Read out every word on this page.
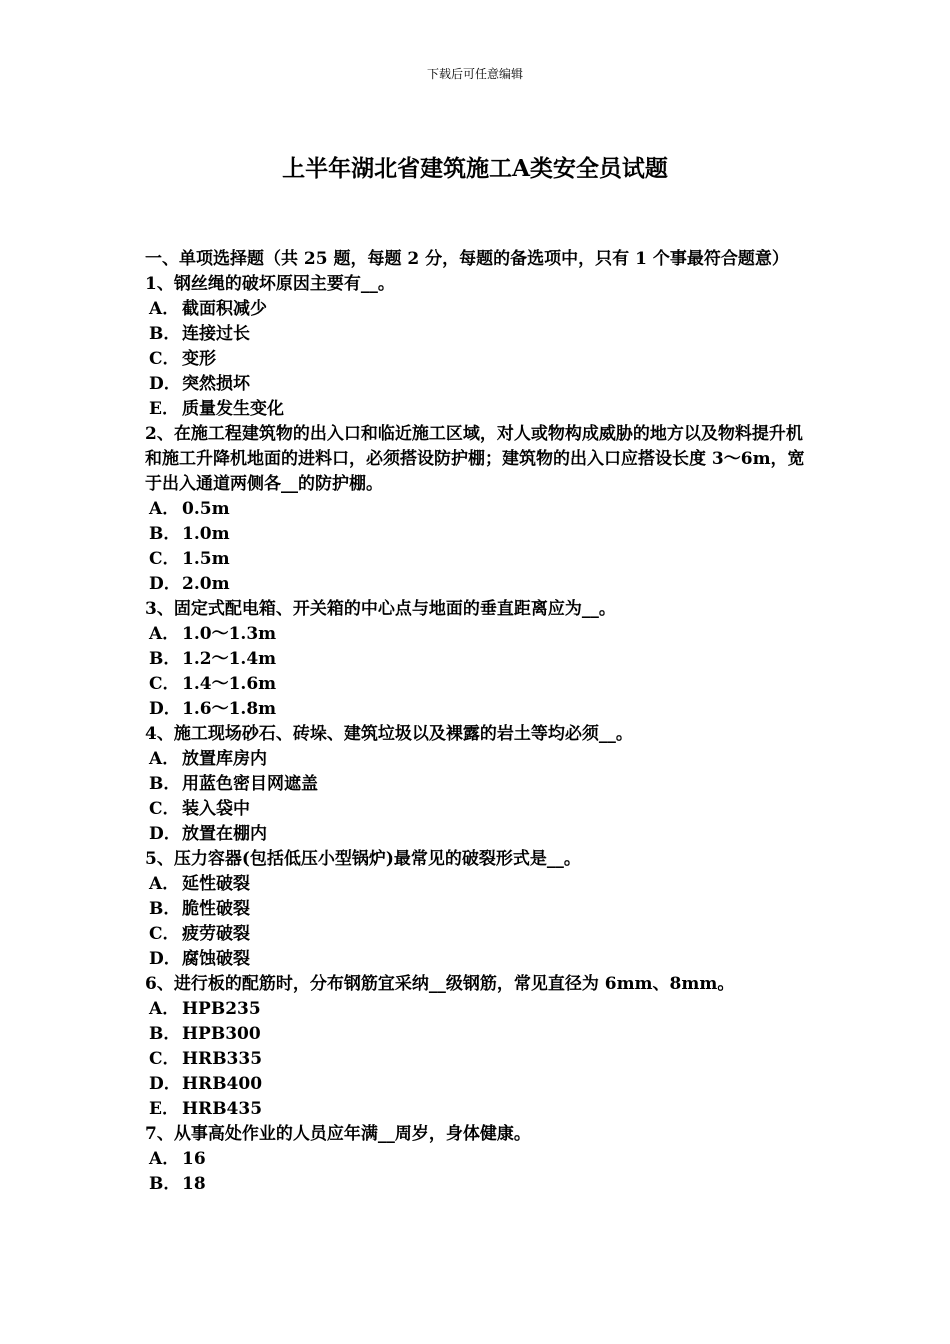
下载后可任意编辑
上半年湖北省建筑施工A类安全员试题
一、单项选择题（共 25 题，每题 2 分，每题的备选项中，只有 1 个事最符合题意）
1、钢丝绳的破坏原因主要有__。
A． 截面积减少
B．连接过长
C． 变形
D．突然损坏
E． 质量发生变化
2、在施工程建筑物的出入口和临近施工区域，对人或物构成威胁的地方以及物料提升机和施工升降机地面的进料口，必须搭设防护棚；建筑物的出入口应搭设长度 3～6m，宽于出入通道两侧各__的防护棚。
A． 0.5m
B．1.0m
C． 1.5m
D．2.0m
3、固定式配电箱、开关箱的中心点与地面的垂直距离应为__。
A． 1.0～1.3m
B．1.2～1.4m
C． 1.4～1.6m
D．1.6～1.8m
4、施工现场砂石、砖垛、建筑垃圾以及裸露的岩土等均必须__。
A． 放置库房内
B．用蓝色密目网遮盖
C． 装入袋中
D．放置在棚内
5、压力容器(包括低压小型锅炉)最常见的破裂形式是__。
A． 延性破裂
B．脆性破裂
C． 疲劳破裂
D．腐蚀破裂
6、进行板的配筋时，分布钢筋宜采纳__级钢筋，常见直径为 6mm、8mm。
A． HPB235
B．HPB300
C． HRB335
D．HRB400
E． HRB435
7、从事高处作业的人员应年满__周岁，身体健康。
A． 16
B．18
